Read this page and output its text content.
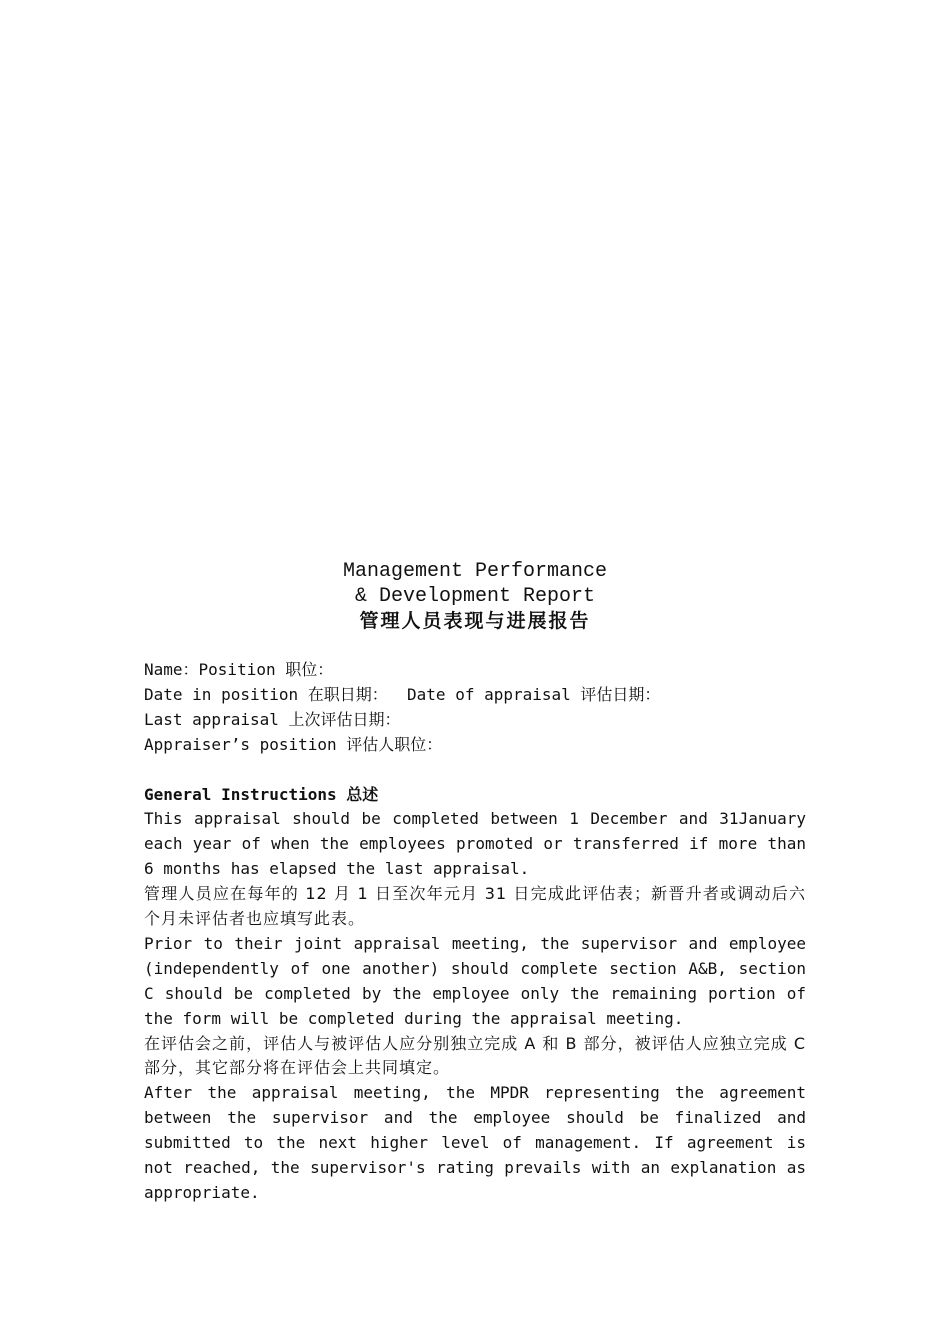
Management Performance
& Development Report
管理人员表现与进展报告
Name：Position 职位：
Date in position 在职日期：  Date of appraisal 评估日期：
Last appraisal 上次评估日期：
Appraiser’s position 评估人职位：
General Instructions 总述
This appraisal should be completed between 1 December and 31January each year of when the employees promoted or transferred if more than 6 months has elapsed the last appraisal.
管理人员应在每年的 12 月 1 日至次年元月 31 日完成此评估表；新晋升者或调动后六个月未评估者也应填写此表。
Prior to their joint appraisal meeting, the supervisor and employee (independently of one another) should complete section A&B, section C should be completed by the employee only the remaining portion of the form will be completed during the appraisal meeting.
在评估会之前，评估人与被评估人应分别独立完成 A 和 B 部分，被评估人应独立完成 C 部分，其它部分将在评估会上共同填定。
After the appraisal meeting, the MPDR representing the agreement between the supervisor and the employee should be finalized and submitted to the next higher level of management. If agreement is not reached, the supervisor's rating prevails with an explanation as appropriate.
